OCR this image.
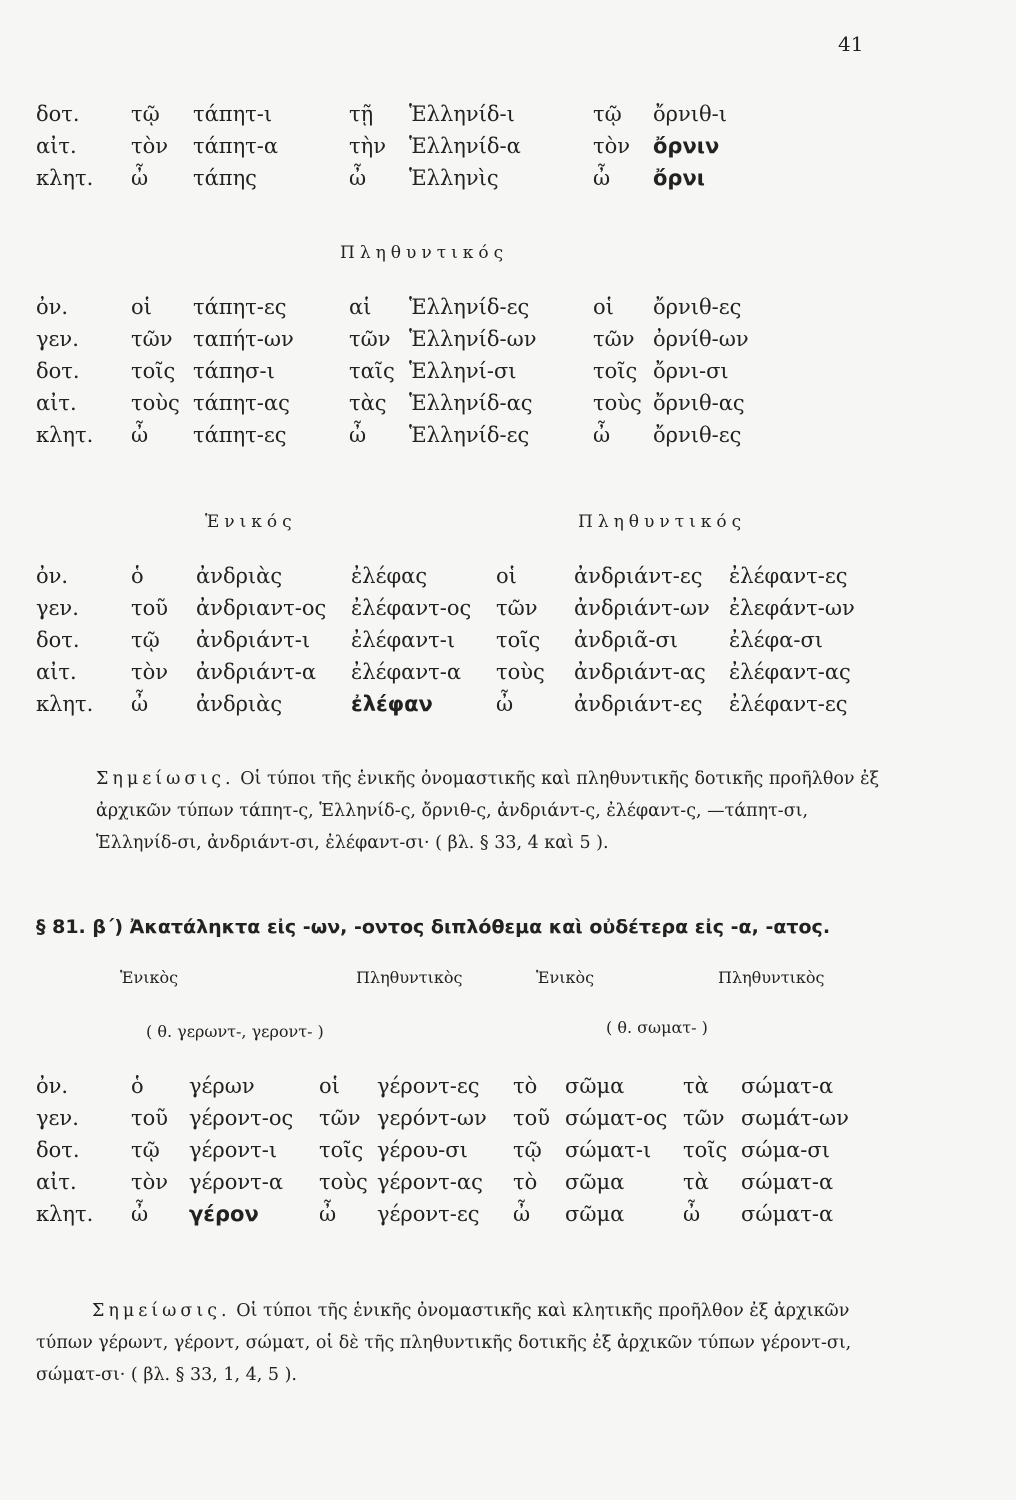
41
δοτ.	τῷ	τάπητ-ι	τῇ	Ἑλληνίδ-ι	τῷ	ὄρνιθ-ι
αἰτ.	τὸν	τάπητ-α	τὴν	Ἑλληνίδ-α	τὸν	ὄρνιν
κλητ.	ὦ	τάπης	ὦ	Ἑλληνὶς	ὦ	ὄρνι
Πληθυντικός
ὀν.	οἱ	τάπητ-ες	αἱ	Ἑλληνίδ-ες	οἱ	ὄρνιθ-ες
γεν.	τῶν	ταπήτ-ων	τῶν	Ἑλληνίδ-ων	τῶν	ὀρνίθ-ων
δοτ.	τοῖς	τάπησ-ι	ταῖς	Ἑλληνί-σι	τοῖς	ὄρνι-σι
αἰτ.	τοὺς	τάπητ-ας	τὰς	Ἑλληνίδ-ας	τοὺς	ὄρνιθ-ας
κλητ.	ὦ	τάπητ-ες	ὦ	Ἑλληνίδ-ες	ὦ	ὄρνιθ-ες
Ἑνικός	Πληθυντικός
ὀν.	ὁ	ἀνδριὰς	ἐλέφας	οἱ	ἀνδριάντ-ες	ἐλέφαντ-ες
γεν.	τοῦ	ἀνδριαντ-ος	ἐλέφαντ-ος	τῶν	ἀνδριάντ-ων	ἐλεφάντ-ων
δοτ.	τῷ	ἀνδριάντ-ι	ἐλέφαντ-ι	τοῖς	ἀνδριᾶ-σι	ἐλέφα-σι
αἰτ.	τὸν	ἀνδριάντ-α	ἐλέφαντ-α	τοὺς	ἀνδριάντ-ας	ἐλέφαντ-ας
κλητ.	ὦ	ἀνδριὰς	ἐλέφαν	ὦ	ἀνδριάντ-ες	ἐλέφαντ-ες
Σημείωσις. Οἱ τύποι τῆς ἑνικῆς ὀνομαστικῆς καὶ πληθυντικῆς δοτικῆς προῆλθον ἐξ ἀρχικῶν τύπων τάπητ-ς, Ἑλληνίδ-ς, ὄρνιθ-ς, ἀνδριάντ-ς, ἐλέφαντ-ς, —τάπητ-σι, Ἑλληνίδ-σι, ἀνδριάντ-σι, ἐλέφαντ-σι· ( βλ. § 33, 4 καὶ 5 ).
§ 81. β΄) Ἀκατάληκτα εἰς -ων, -οντος διπλόθεμα καὶ οὐδέτερα εἰς -α, -ατος.
Ἑνικὸς	Πληθυντικὸς	Ἑνικὸς	Πληθυντικὸς
( θ. γερωντ-, γεροντ- )	( θ. σωματ- )
ὀν.	ὁ	γέρων	οἱ	γέροντ-ες	τὸ	σῶμα	τὰ	σώματ-α
γεν.	τοῦ	γέροντ-ος	τῶν	γερόντ-ων	τοῦ	σώματ-ος	τῶν	σωμάτ-ων
δοτ.	τῷ	γέροντ-ι	τοῖς	γέρου-σι	τῷ	σώματ-ι	τοῖς	σώμα-σι
αἰτ.	τὸν	γέροντ-α	τοὺς	γέροντ-ας	τὸ	σῶμα	τὰ	σώματ-α
κλητ.	ὦ	γέρον	ὦ	γέροντ-ες	ὦ	σῶμα	ὦ	σώματ-α
Σημείωσις. Οἱ τύποι τῆς ἑνικῆς ὀνομαστικῆς καὶ κλητικῆς προῆλθον ἐξ ἀρχικῶν τύπων γέρωντ, γέροντ, σώματ, οἱ δὲ τῆς πληθυντικῆς δοτικῆς ἐξ ἀρχικῶν τύπων γέροντ-σι, σώματ-σι· ( βλ. § 33, 1, 4, 5 ).
